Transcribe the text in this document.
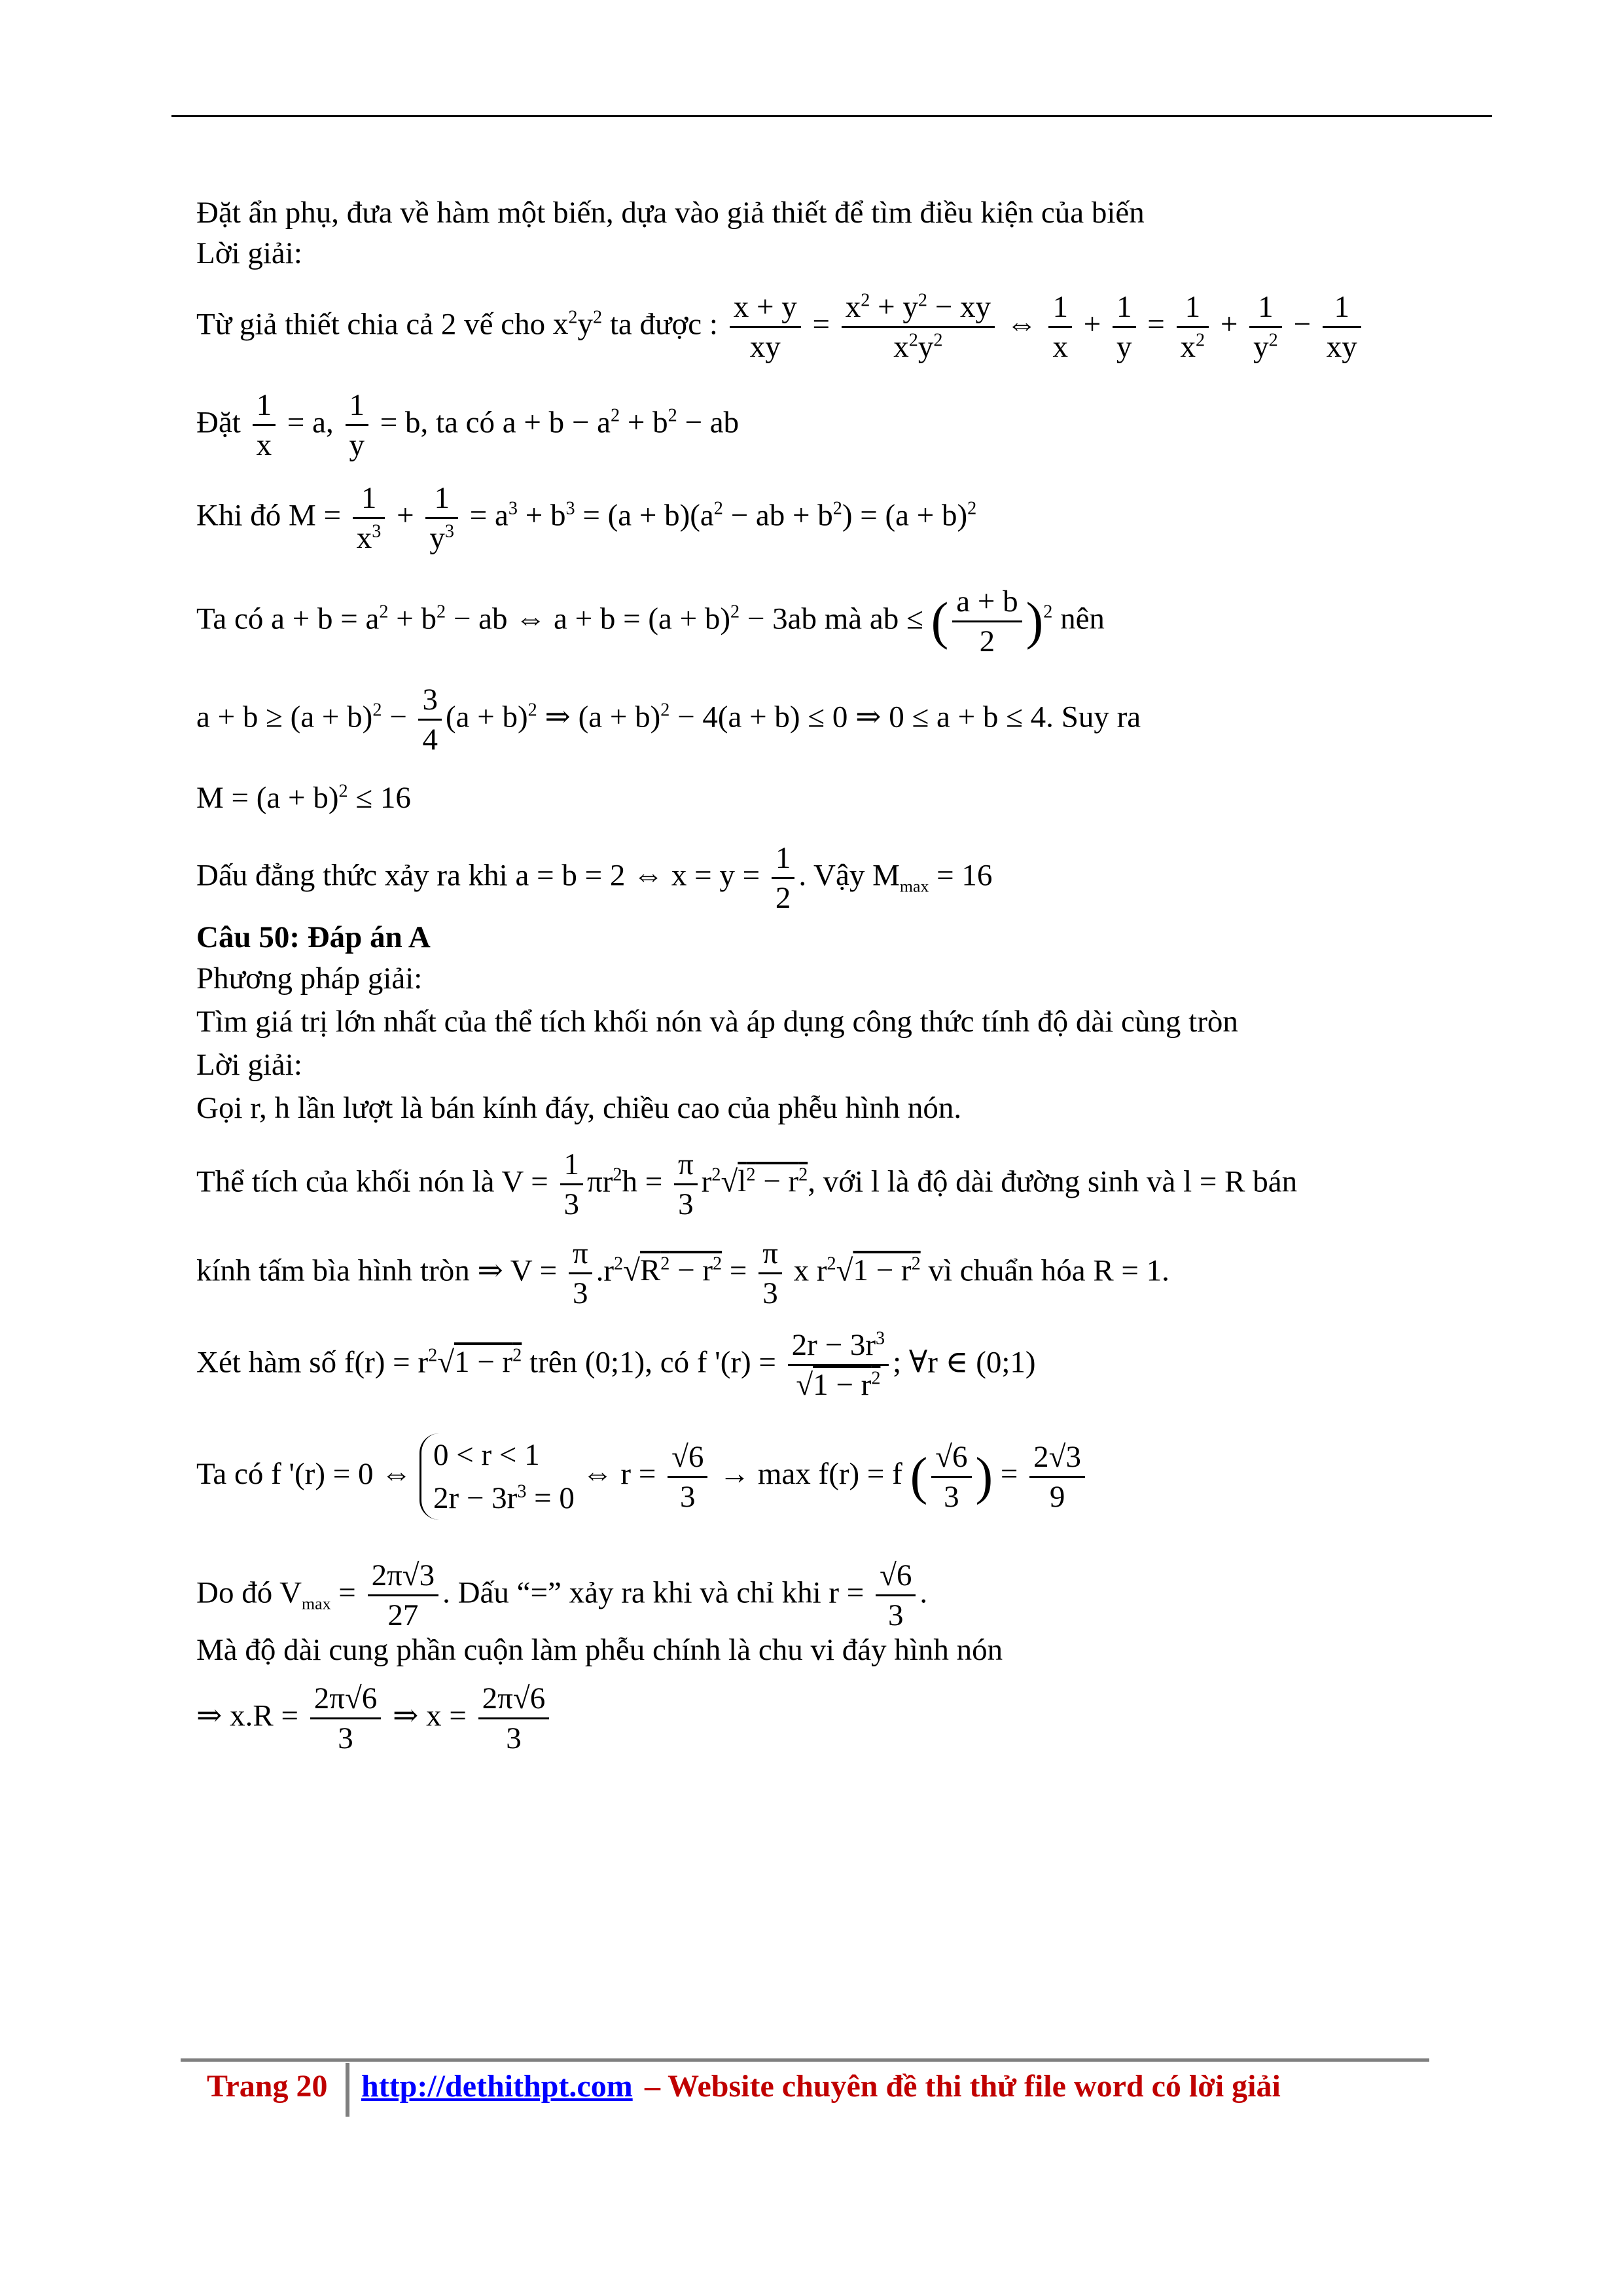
Đặt ẩn phụ, đưa về hàm một biến, dựa vào giả thiết để tìm điều kiện của biến
Lời giải:
Từ giả thiết chia cả 2 vế cho $x^2y^2$ ta được : $\frac{x + y}{xy} = \frac{x^2 + y^2 - xy}{x^2y^2}$ ⇔ $\frac{1}{x} + \frac{1}{y} = \frac{1}{x^2} + \frac{1}{y^2} - \frac{1}{xy}$
Đặt $\frac{1}{x} = a$, $\frac{1}{y} = b$, ta có $a + b - a^2 + b^2$ − ab
Khi đó $M = \frac{1}{x^3} + \frac{1}{y^3} = a^3 + b^3 = (a + b)(a^2$ − ab + $b^2) = (a + b)^2$
Ta có $a + b = a^2 + b^2$ − ab ⇔ $a + b = (a + b)^2 - 3ab$ mà ab ≤ ( $\frac{a + b}{2} )^2$ nên
$a + b \ge (a + b)^2 - \frac{3}{4} (a + b)^2$ ⇒ $(a + b)^2 - 4(a + b) \le 0$ ⇒ 0 ≤ a + b ≤ 4. Suy ra
$M = (a + b)^2 \le 16$
Dấu đẳng thức xảy ra khi a = b = 2 ⇔ $x = y = \frac{1}{2}$ . Vậy $M_{max} = 16$
Câu 50: Đáp án A
Phương pháp giải:
Tìm giá trị lớn nhất của thể tích khối nón và áp dụng công thức tính độ dài cùng tròn
Lời giải:
Gọi r, h lần lượt là bán kính đáy, chiều cao của phễu hình nón.
Thể tích của khối nón là $V = \frac{1}{3} \pi r^2h = \frac{\pi}{3} r^2√l^2 - r^2$, với l là độ dài đường sinh và l = R bán
kính tấm bìa hình tròn ⇒ $V = \frac{\pi}{3} .r^2√R^2 - r^2 = \frac{\pi}{3}$ x $r^2√1 - r^2$ vì chuẩn hóa R = 1.
Xét hàm số $f(r) = r^2√1 - r^2$ trên (0;1), có f '$(r) = \frac{2r - 3r^3}{√1 - r^2}$ ; ∀r ∈ (0;1)
Ta có f '(r) = 0 ⇔
0 < r < 1
$2r - 3r^3 = 0$
⇔ $r = \frac{√6}{3} \to \max f(r) = f$ ( $\frac{√6}{3}$ ) = $\frac{2√3}{9}$
Do đó $V_{max} = \frac{2\pi√3}{27}$ . Dấu “=” xảy ra khi và chỉ khi $r = \frac{√6}{3}$ .
Mà độ dài cung phần cuộn làm phễu chính là chu vi đáy hình nón
⇒ $x.R = \frac{2\pi√6}{3}$ ⇒ $x = \frac{2\pi√6}{3}$
Trang 20 http://dethithpt.com – Website chuyên đề thi thử file word có lời giải
